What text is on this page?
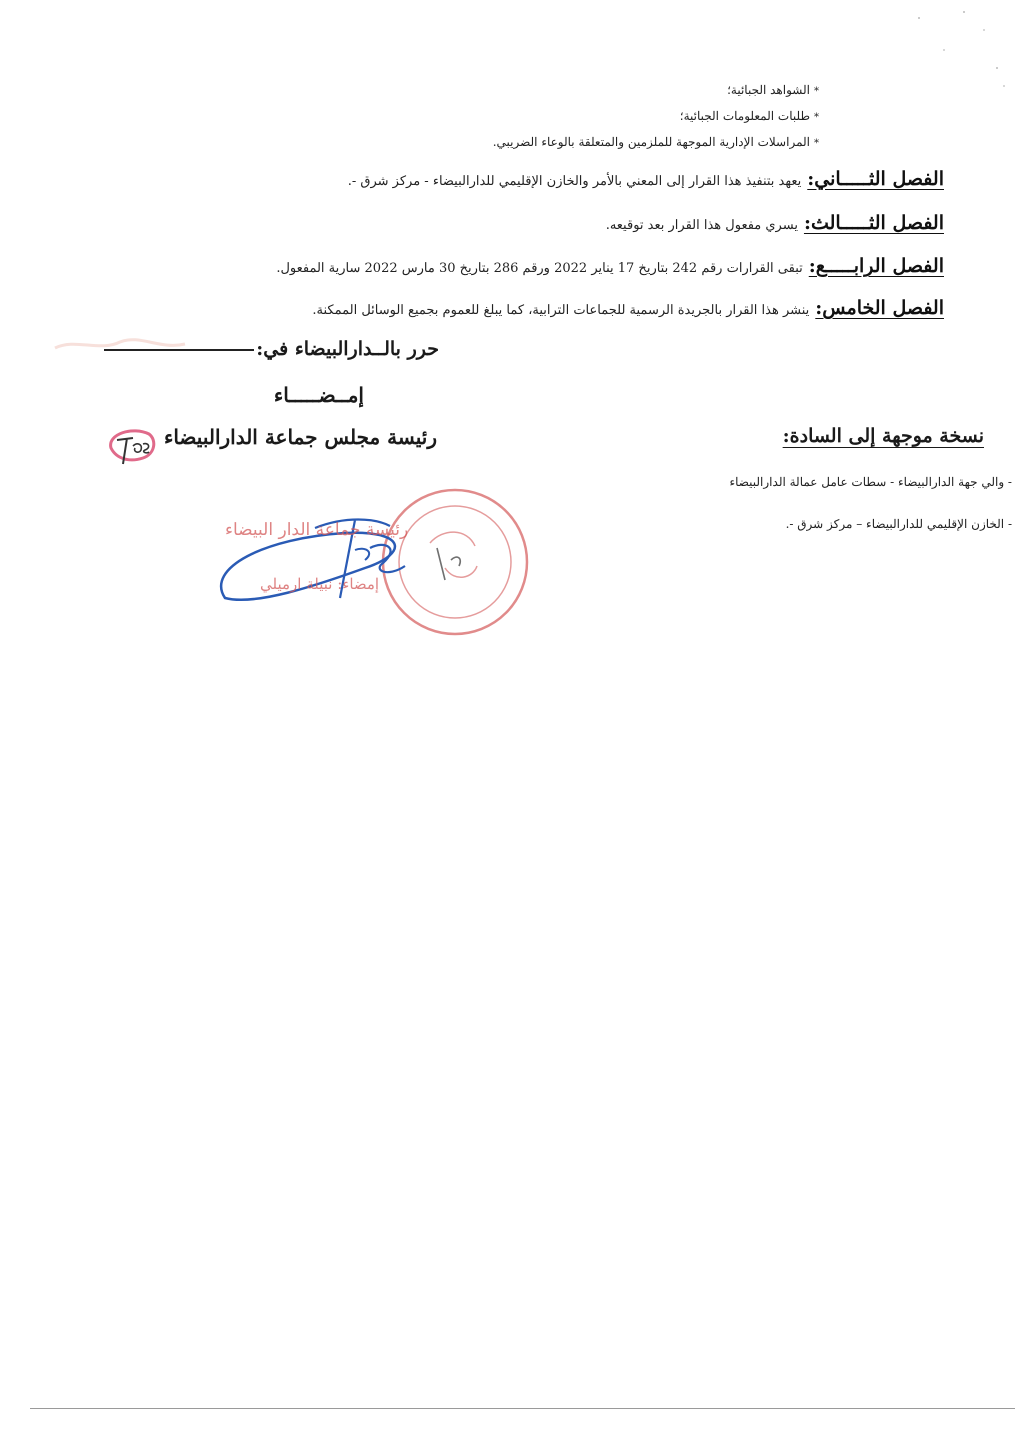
*الشواهد الجبائية؛
*طلبات المعلومات الجبائية؛
*المراسلات الإدارية الموجهة للملزمين والمتعلقة بالوعاء الضريبي.
الفصل الثـــــاني:
يعهد بتنفيذ هذا القرار إلى المعني بالأمر والخازن الإقليمي للدارالبيضاء - مركز شرق -.
الفصل الثـــــالث:
يسري مفعول هذا القرار بعد توقيعه.
الفصل الرابـــــع:
تبقى القرارات رقم 242 بتاريخ 17 يناير 2022 ورقم 286 بتاريخ 30 مارس 2022 سارية المفعول.
الفصل الخامس:
ينشر هذا القرار بالجريدة الرسمية للجماعات الترابية، كما يبلغ للعموم بجميع الوسائل الممكنة.
حرر بالــدارالبيضاء في:
إمــضـــــاء
رئيسة مجلس جماعة الدارالبيضاء	نسخة موجهة إلى السادة:
- والي جهة الدارالبيضاء - سطات عامل عمالة الدارالبيضاء
- الخازن الإقليمي للدارالبيضاء – مركز شرق -.
رئيسة جماعة الدار البيضاء
إمضاء: نبيلة ارميلي
